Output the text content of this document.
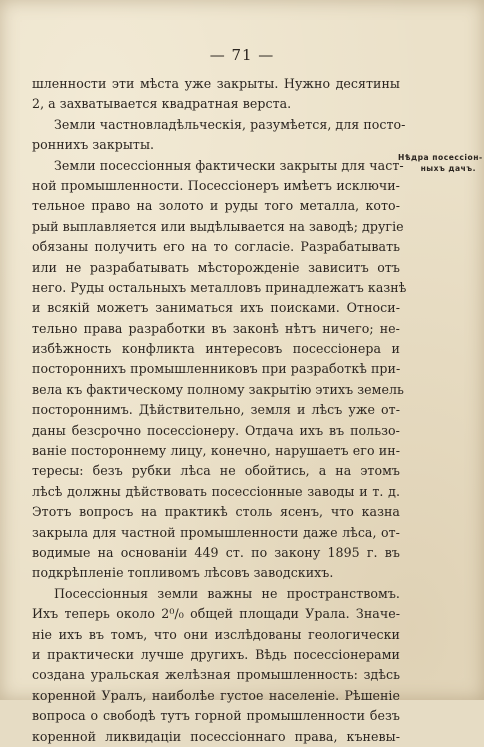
— 71 —
Нѣдра посессіон-
ныхъ дачъ.
шленности эти мѣста уже закрыты. Нужно десятины
2, а захватывается квадратная верста.
Земли частновладѣльческія, разумѣется, для посто-
роннихъ закрыты.
Земли посессіонныя фактически закрыты для част-
ной промышленности. Посессіонеръ имѣетъ исключи-
тельное право на золото и руды того металла, кото-
рый выплавляется или выдѣлывается на заводѣ; другіе
обязаны получить его на то согласіе. Разрабатывать
или не разрабатывать мѣсторожденіе зависитъ отъ
него. Руды остальныхъ металловъ принадлежатъ казнѣ
и всякій можетъ заниматься ихъ поисками. Относи-
тельно права разработки въ законѣ нѣтъ ничего; не-
избѣжность конфликта интересовъ посессіонера и
постороннихъ промышленниковъ при разработкѣ при-
вела къ фактическому полному закрытію этихъ земель
постороннимъ. Дѣйствительно, земля и лѣсъ уже от-
даны безсрочно посессіонеру. Отдача ихъ въ пользо-
ваніе постороннему лицу, конечно, нарушаетъ его ин-
тересы: безъ рубки лѣса не обойтись, а на этомъ
лѣсѣ должны дѣйствовать посессіонные заводы и т. д.
Этотъ вопросъ на практикѣ столь ясенъ, что казна
закрыла для частной промышленности даже лѣса, от-
водимые на основаніи 449 ст. по закону 1895 г. въ
подкрѣпленіе топливомъ лѣсовъ заводскихъ.
Посессіонныя земли важны не пространствомъ.
Ихъ теперь около 2⁰/₀ общей площади Урала. Значе-
ніе ихъ въ томъ, что они изслѣдованы геологически
и практически лучше другихъ. Вѣдь посессіонерами
создана уральская желѣзная промышленность: здѣсь
коренной Уралъ, наиболѣе густое населеніе. Рѣшеніе
вопроса о свободѣ тутъ горной промышленности безъ
коренной ликвидаціи посессіоннаго права, къневы-
